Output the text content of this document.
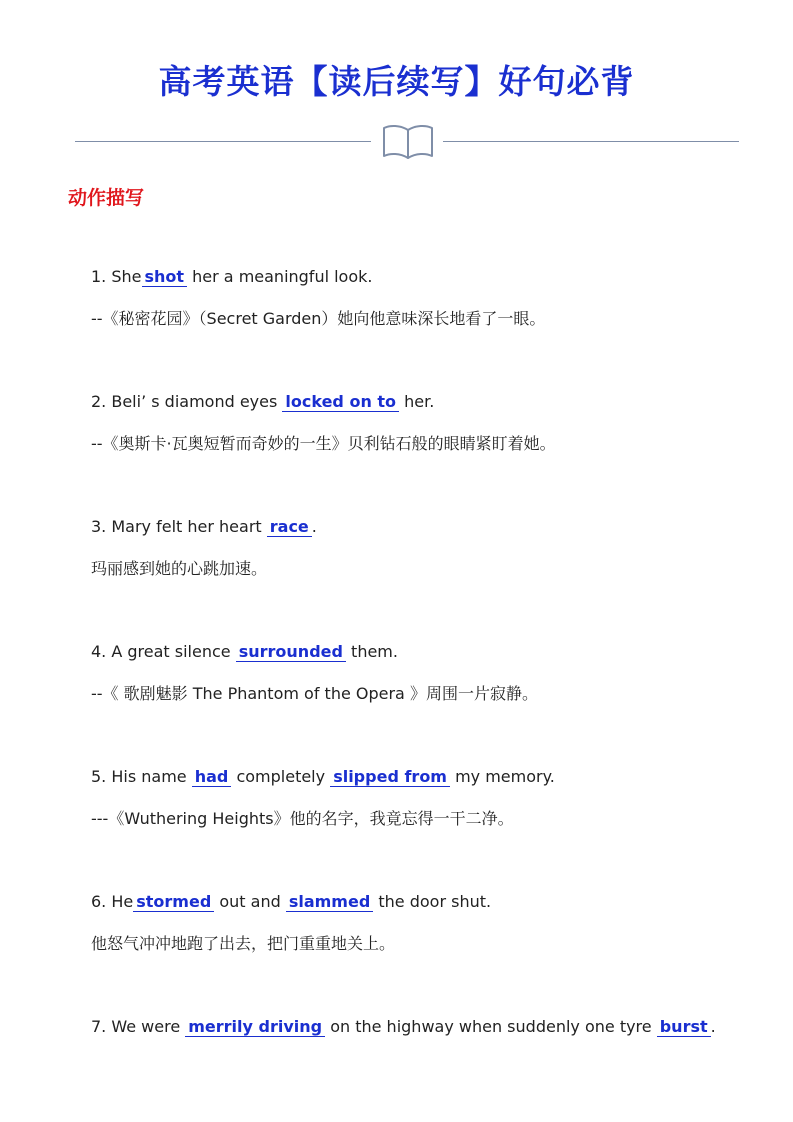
高考英语【读后续写】好句必背
动作描写
1. She shot her a meaningful look.
--《秘密花园》（Secret Garden）她向他意味深长地看了一眼。
2. Beli’ s diamond eyes locked on to her.
--《奥斯卡·瓦奥短暂而奇妙的一生》贝利钻石般的眼睛紧盯着她。
3. Mary felt her heart race .
玛丽感到她的心跳加速。
4. A great silence surrounded them.
--《 歌剧魅影 The Phantom of the Opera 》周围一片寂静。
5. His name had completely slipped from my memory.
---《Wuthering Heights》他的名字，我竟忘得一干二净。
6. He stormed out and slammed the door shut.
他怒气冲冲地跑了出去，把门重重地关上。
7. We were merrily driving on the highway when suddenly one tyre burst .
